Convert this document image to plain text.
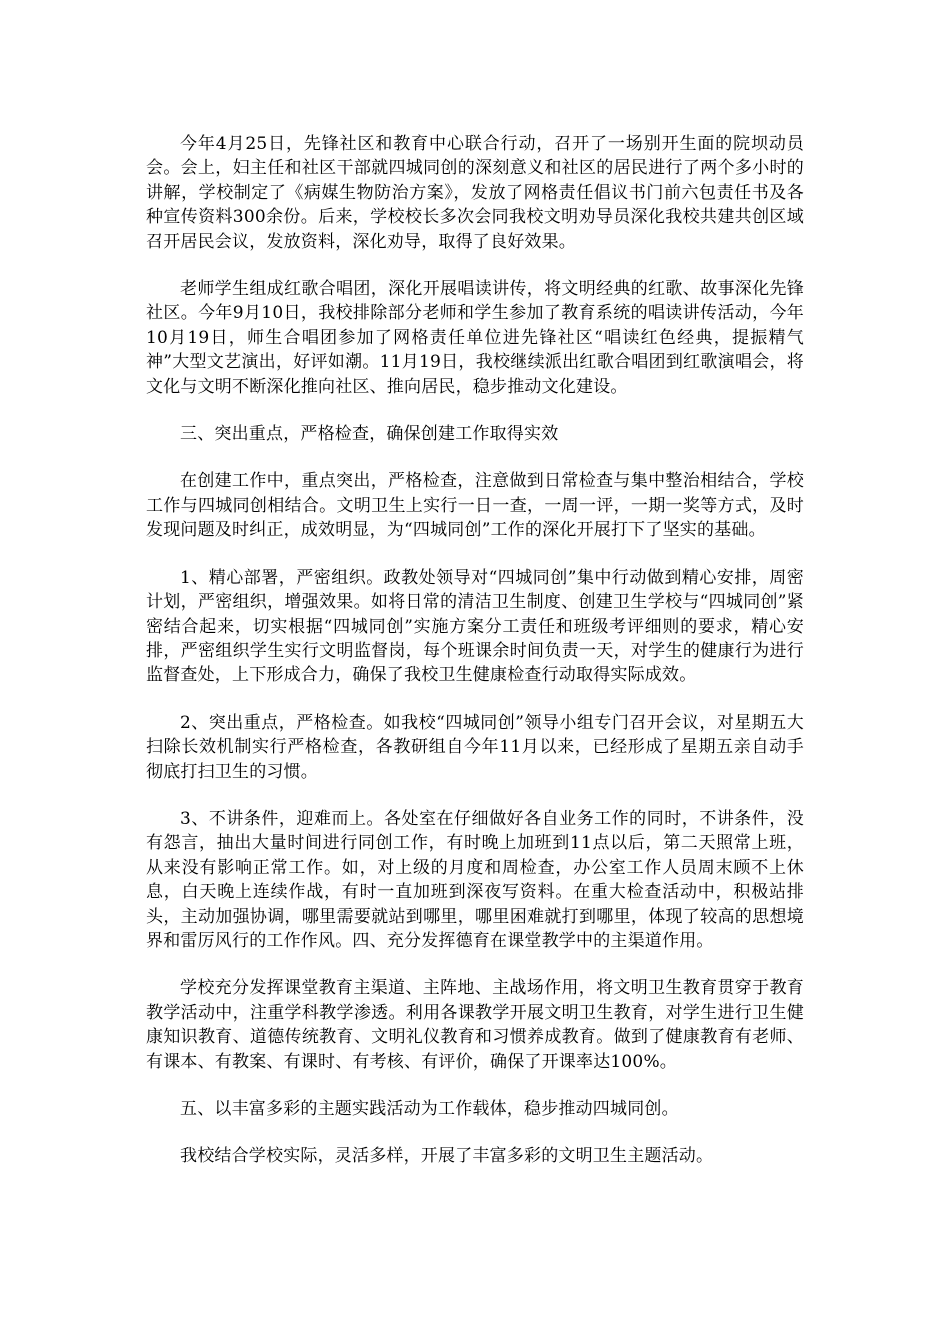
今年4月25日，先锋社区和教育中心联合行动，召开了一场别开生面的院坝动员会。会上，妇主任和社区干部就四城同创的深刻意义和社区的居民进行了两个多小时的讲解，学校制定了《病媒生物防治方案》，发放了网格责任倡议书门前六包责任书及各种宣传资料300余份。后来，学校校长多次会同我校文明劝导员深化我校共建共创区域召开居民会议，发放资料，深化劝导，取得了良好效果。

老师学生组成红歌合唱团，深化开展唱读讲传，将文明经典的红歌、故事深化先锋社区。今年9月10日，我校排除部分老师和学生参加了教育系统的唱读讲传活动，今年10月19日，师生合唱团参加了网格责任单位进先锋社区“唱读红色经典，提振精气神”大型文艺演出，好评如潮。11月19日，我校继续派出红歌合唱团到红歌演唱会，将文化与文明不断深化推向社区、推向居民，稳步推动文化建设。

三、突出重点，严格检查，确保创建工作取得实效

在创建工作中，重点突出，严格检查，注意做到日常检查与集中整治相结合，学校工作与四城同创相结合。文明卫生上实行一日一查，一周一评，一期一奖等方式，及时发现问题及时纠正，成效明显，为“四城同创”工作的深化开展打下了坚实的基础。

1、精心部署，严密组织。政教处领导对“四城同创”集中行动做到精心安排，周密计划，严密组织，增强效果。如将日常的清洁卫生制度、创建卫生学校与“四城同创”紧密结合起来，切实根据“四城同创”实施方案分工责任和班级考评细则的要求，精心安排，严密组织学生实行文明监督岗，每个班课余时间负责一天，对学生的健康行为进行监督查处，上下形成合力，确保了我校卫生健康检查行动取得实际成效。

2、突出重点，严格检查。如我校“四城同创”领导小组专门召开会议，对星期五大扫除长效机制实行严格检查，各教研组自今年11月以来，已经形成了星期五亲自动手彻底打扫卫生的习惯。

3、不讲条件，迎难而上。各处室在仔细做好各自业务工作的同时，不讲条件，没有怨言，抽出大量时间进行同创工作，有时晚上加班到11点以后，第二天照常上班，从来没有影响正常工作。如，对上级的月度和周检查，办公室工作人员周末顾不上休息，白天晚上连续作战，有时一直加班到深夜写资料。在重大检查活动中，积极站排头，主动加强协调，哪里需要就站到哪里，哪里困难就打到哪里，体现了较高的思想境界和雷厉风行的工作作风。四、充分发挥德育在课堂教学中的主渠道作用。

学校充分发挥课堂教育主渠道、主阵地、主战场作用，将文明卫生教育贯穿于教育教学活动中，注重学科教学渗透。利用各课教学开展文明卫生教育，对学生进行卫生健康知识教育、道德传统教育、文明礼仪教育和习惯养成教育。做到了健康教育有老师、有课本、有教案、有课时、有考核、有评价，确保了开课率达100%。

五、以丰富多彩的主题实践活动为工作载体，稳步推动四城同创。

我校结合学校实际，灵活多样，开展了丰富多彩的文明卫生主题活动。
